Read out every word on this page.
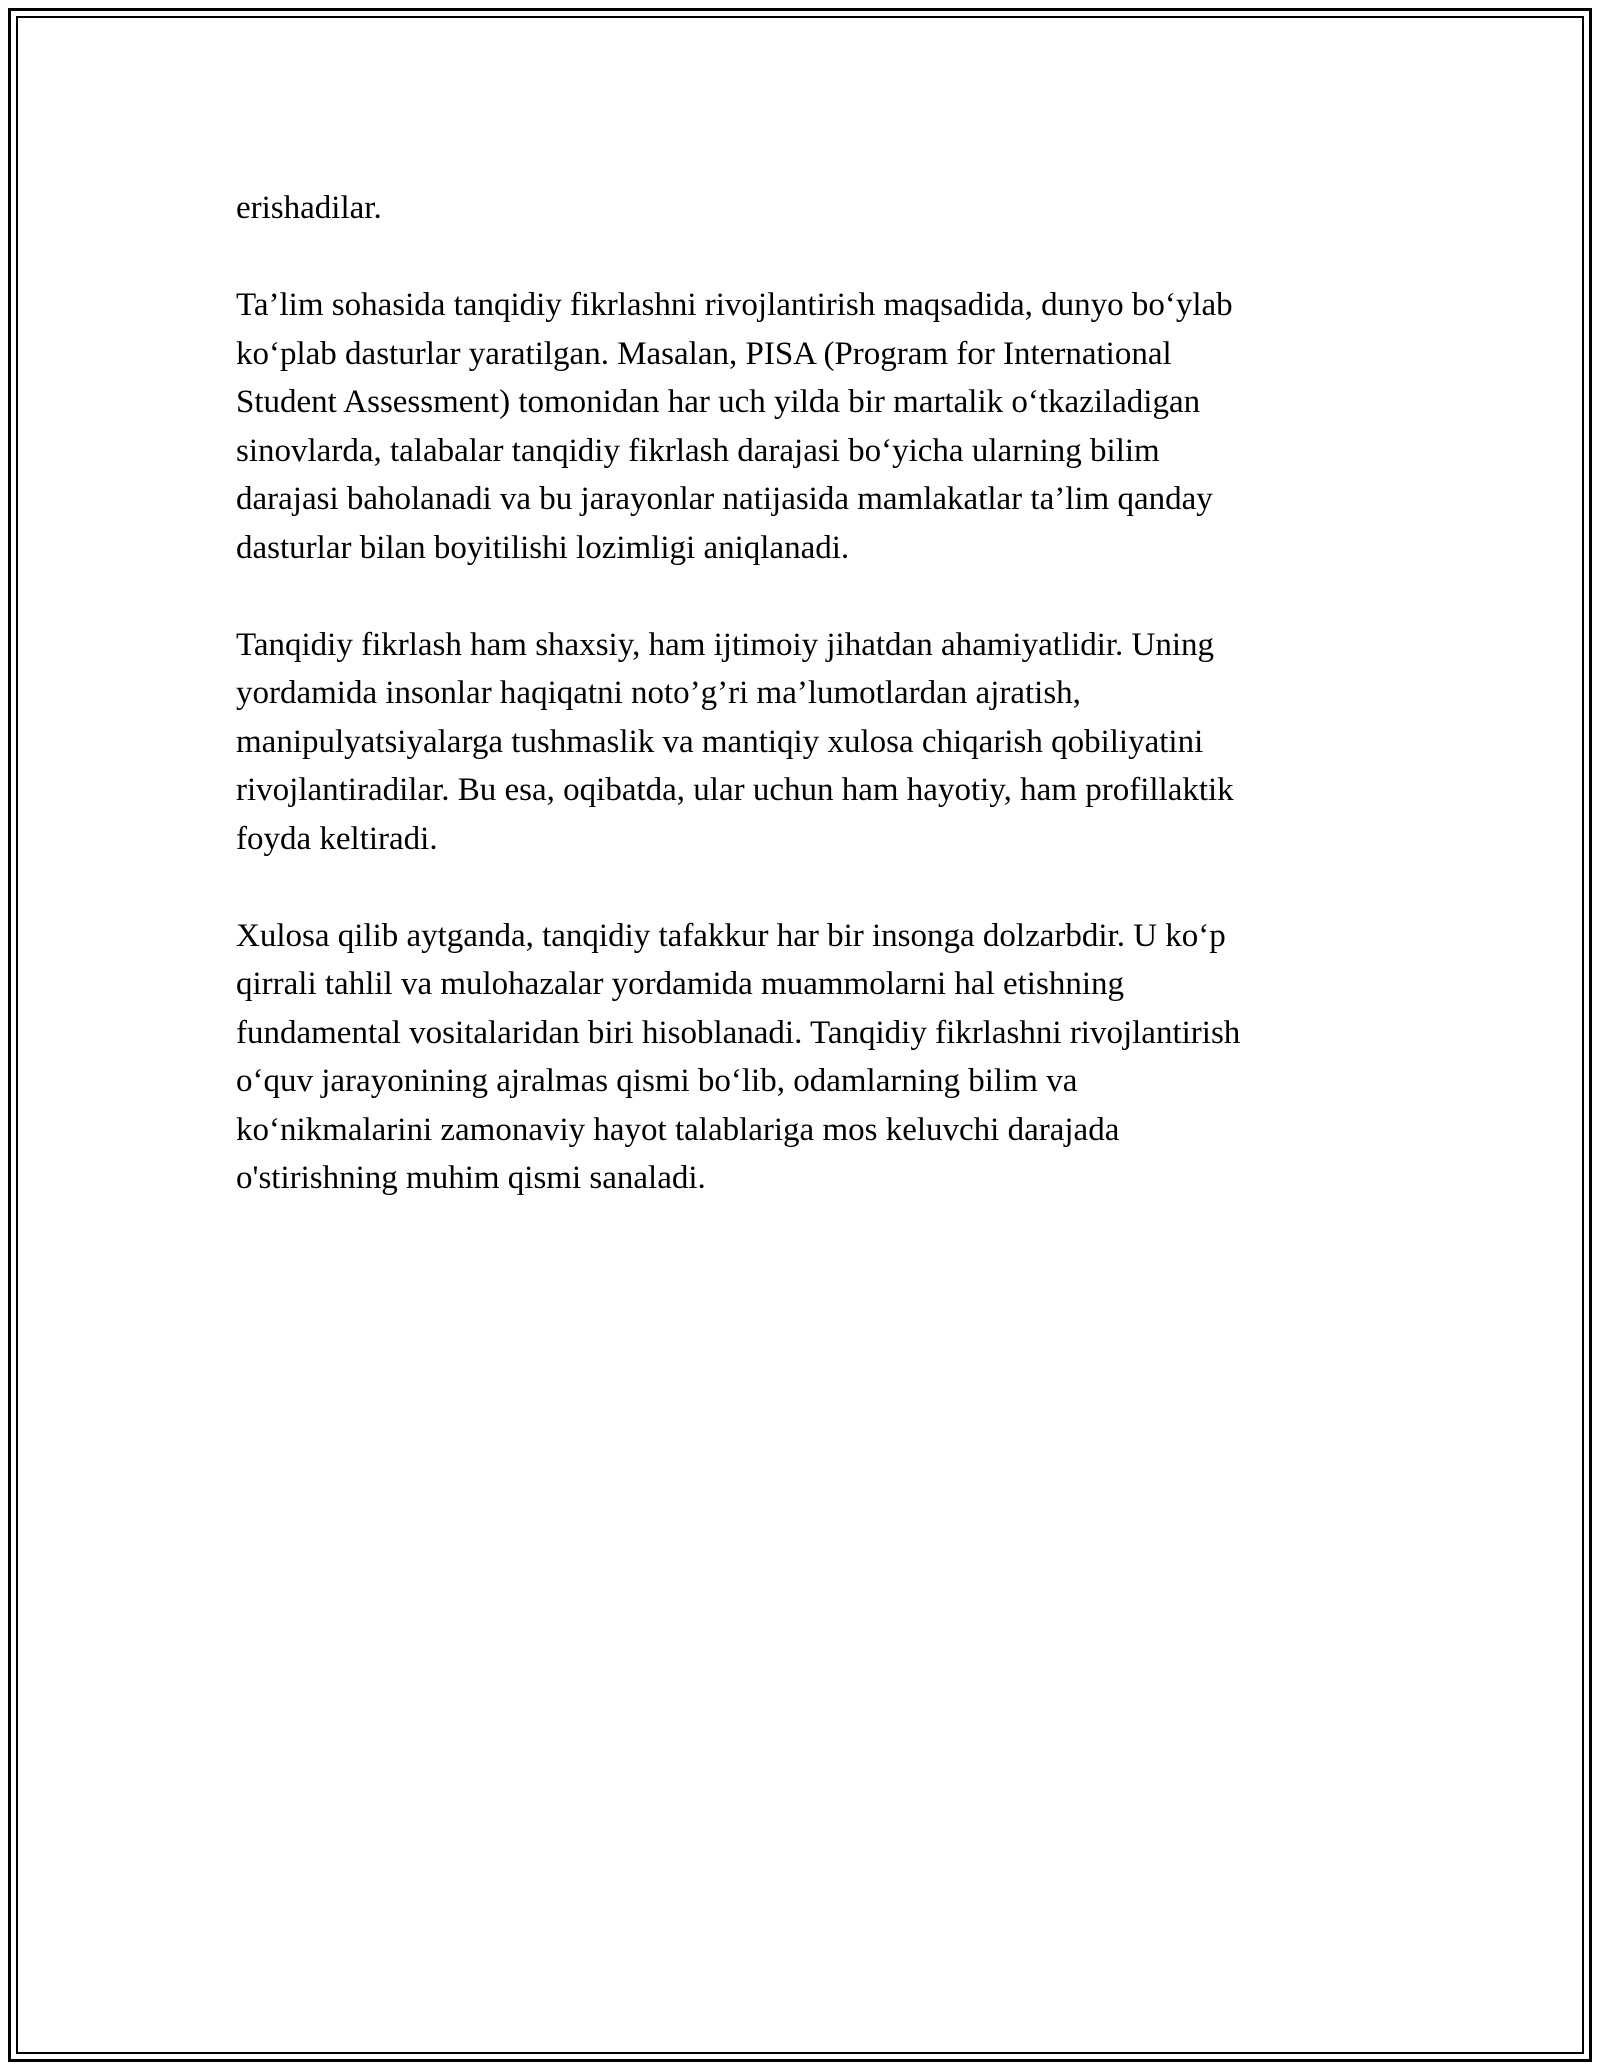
erishadilar.

Ta’lim sohasida tanqidiy fikrlashni rivojlantirish maqsadida, dunyo bo‘ylab
ko‘plab dasturlar yaratilgan. Masalan, PISA (Program for International
Student Assessment) tomonidan har uch yilda bir martalik o‘tkaziladigan
sinovlarda, talabalar tanqidiy fikrlash darajasi bo‘yicha ularning bilim
darajasi baholanadi va bu jarayonlar natijasida mamlakatlar ta’lim qanday
dasturlar bilan boyitilishi lozimligi aniqlanadi.

Tanqidiy fikrlash ham shaxsiy, ham ijtimoiy jihatdan ahamiyatlidir. Uning
yordamida insonlar haqiqatni noto’g’ri ma’lumotlardan ajratish,
manipulyatsiyalarga tushmaslik va mantiqiy xulosa chiqarish qobiliyatini
rivojlantiradilar. Bu esa, oqibatda, ular uchun ham hayotiy, ham profillaktik
foyda keltiradi.

Xulosa qilib aytganda, tanqidiy tafakkur har bir insonga dolzarbdir. U ko‘p
qirrali tahlil va mulohazalar yordamida muammolarni hal etishning
fundamental vositalaridan biri hisoblanadi. Tanqidiy fikrlashni rivojlantirish
o‘quv jarayonining ajralmas qismi bo‘lib, odamlarning bilim va
ko‘nikmalarini zamonaviy hayot talablariga mos keluvchi darajada
o'stirishning muhim qismi sanaladi.
